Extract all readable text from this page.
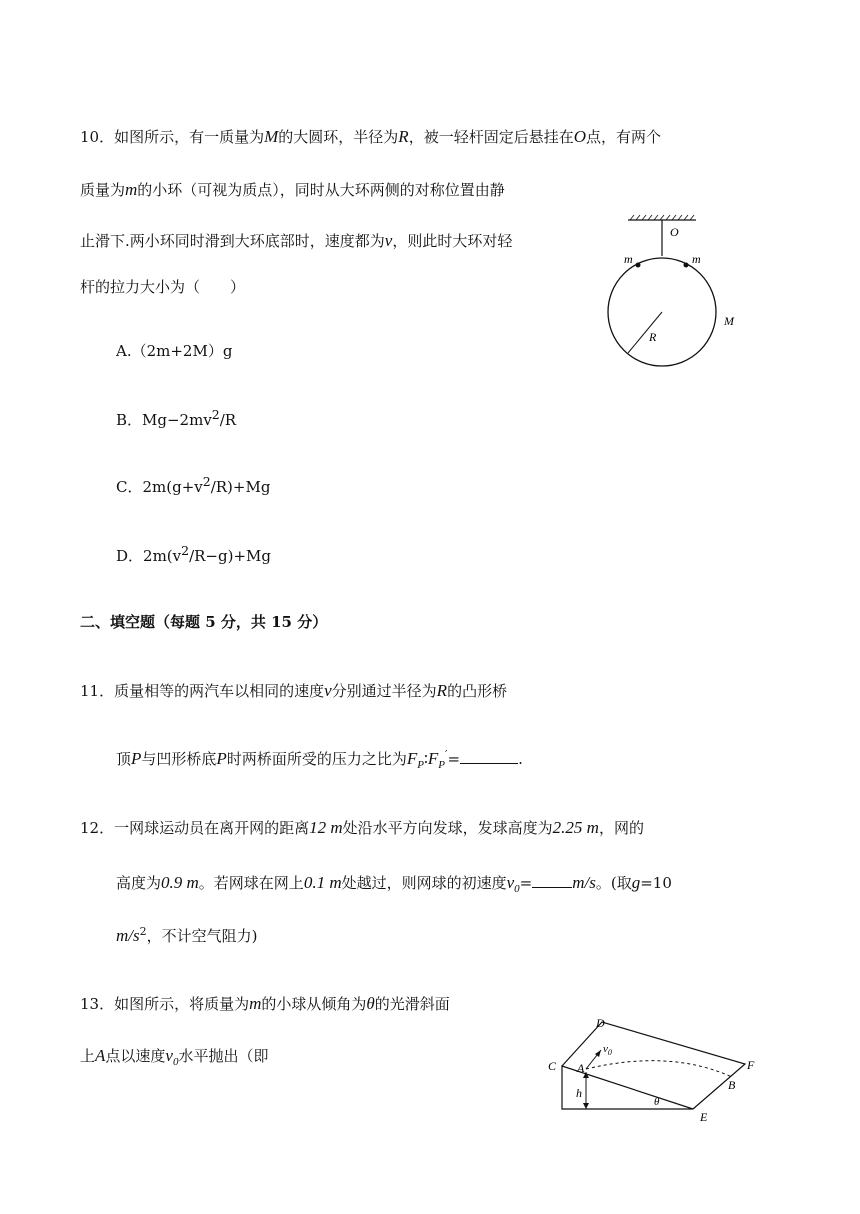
10．如图所示，有一质量为M的大圆环，半径为R，被一轻杆固定后悬挂在O点，有两个
质量为m的小环（可视为质点），同时从大环两侧的对称位置由静
止滑下.两小环同时滑到大环底部时，速度都为v，则此时大环对轻
杆的拉力大小为（　　）
A.（2m+2M）g
B．$Mg-2mv^2/R$
C．$2m(g+v^2/R)+Mg$
D．$2m(v^2/R-g)+Mg$
O
m	m
R
M
二、填空题（每题 5 分，共 15 分）
11．质量相等的两汽车以相同的速度v分别通过半径为R的凸形桥
顶P与凹形桥底P时两桥面所受的压力之比为$F_P∶F_P'=$	.
12．一网球运动员在离开网的距离12 m处沿水平方向发球，发球高度为2.25 m，网的
高度为0.9 m。若网球在网上0.1 m处越过，则网球的初速度$v_0= m/s$。(取g=10
$m/s^2$，不计空气阻力)
13．如图所示，将质量为m的小球从倾角为θ的光滑斜面
上A点以速度$v_0$水平抛出（即
D
C A
$v_0$
F
B
h
θ
E
